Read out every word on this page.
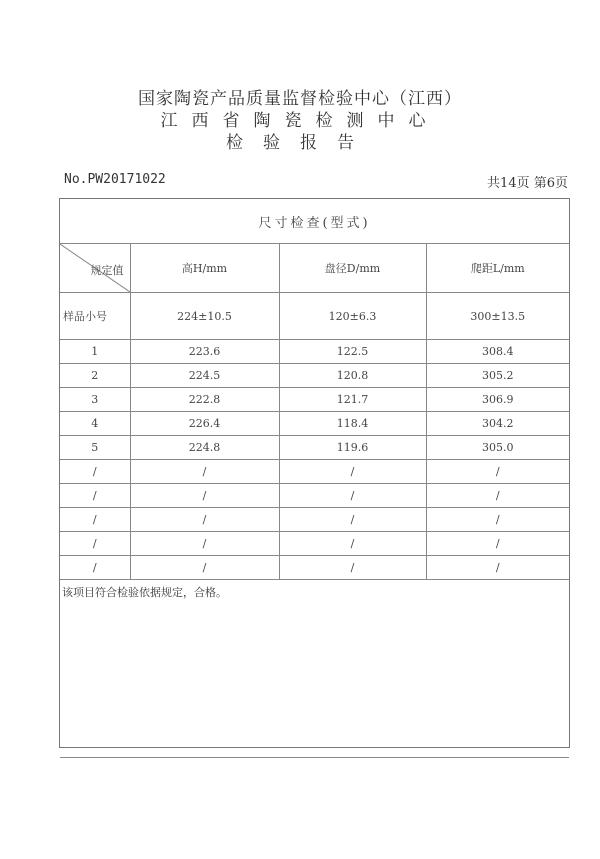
国家陶瓷产品质量监督检验中心（江西）

江西省陶瓷检测中心

检验报告

No.PW20171022	共14页 第6页
尺寸检查(型式)			

规定值	高H/mm	盘径D/mm	爬距L/mm
样品小号	224±10.5	120±6.3	300±13.5
1	223.6	122.5	308.4
2	224.5	120.8	305.2
3	222.8	121.7	306.9
4	226.4	118.4	304.2
5	224.8	119.6	305.0
/	/	/	/
/	/	/	/
/	/	/	/
/	/	/	/
/	/	/	/
该项目符合检验依据规定，合格。			
